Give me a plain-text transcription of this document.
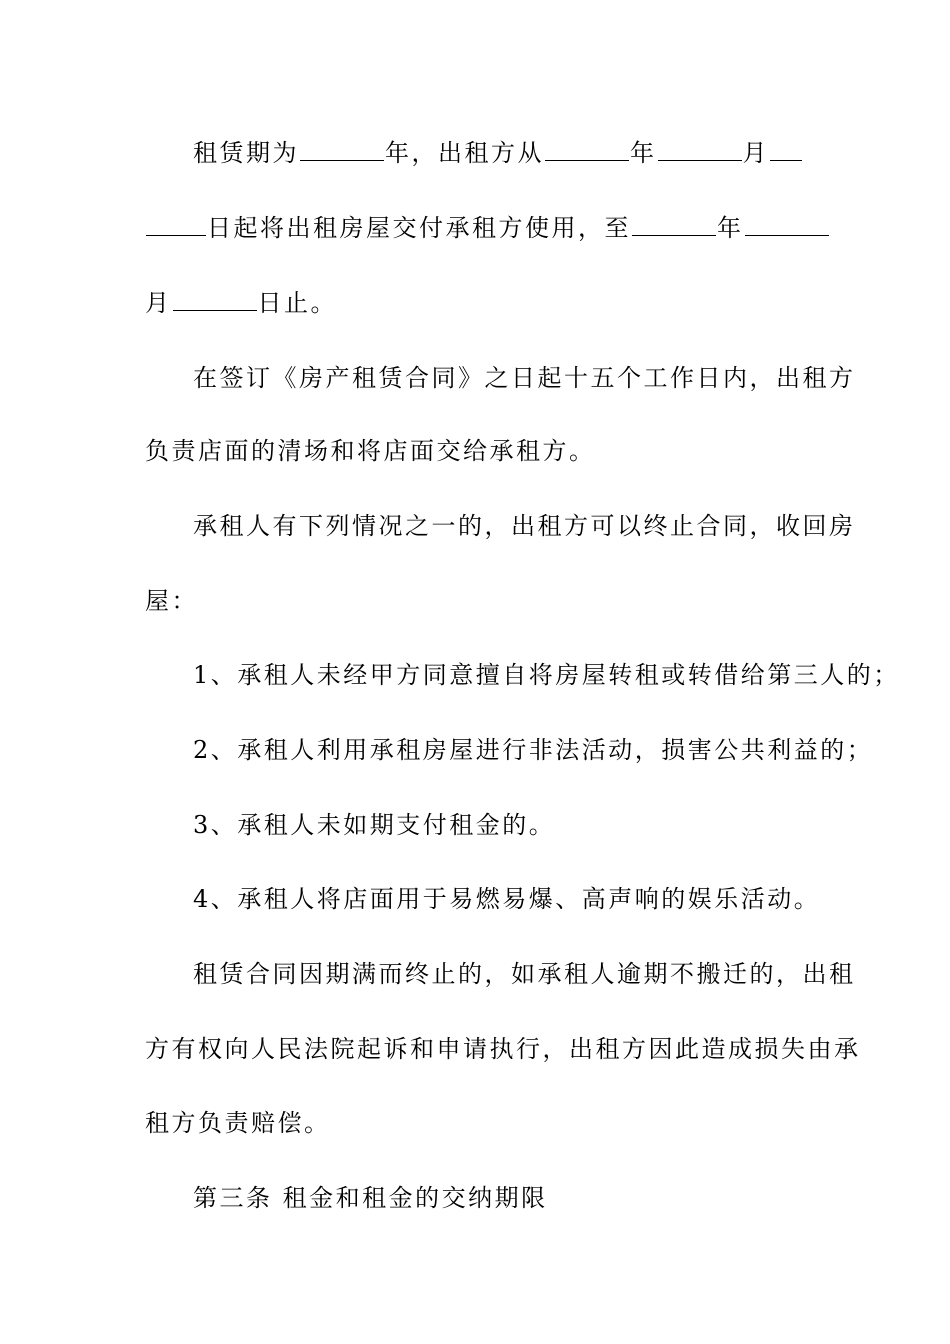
租赁期为	年，出租方从	年	月
日起将出租房屋交付承租方使用，至	年
月	日止。
在签订《房产租赁合同》之日起十五个工作日内，出租方
负责店面的清场和将店面交给承租方。
承租人有下列情况之一的，出租方可以终止合同，收回房
屋：
1、承租人未经甲方同意擅自将房屋转租或转借给第三人的；
2、承租人利用承租房屋进行非法活动，损害公共利益的；
3、承租人未如期支付租金的。
4、承租人将店面用于易燃易爆、高声响的娱乐活动。
租赁合同因期满而终止的，如承租人逾期不搬迁的，出租
方有权向人民法院起诉和申请执行，出租方因此造成损失由承
租方负责赔偿。
第三条 租金和租金的交纳期限
